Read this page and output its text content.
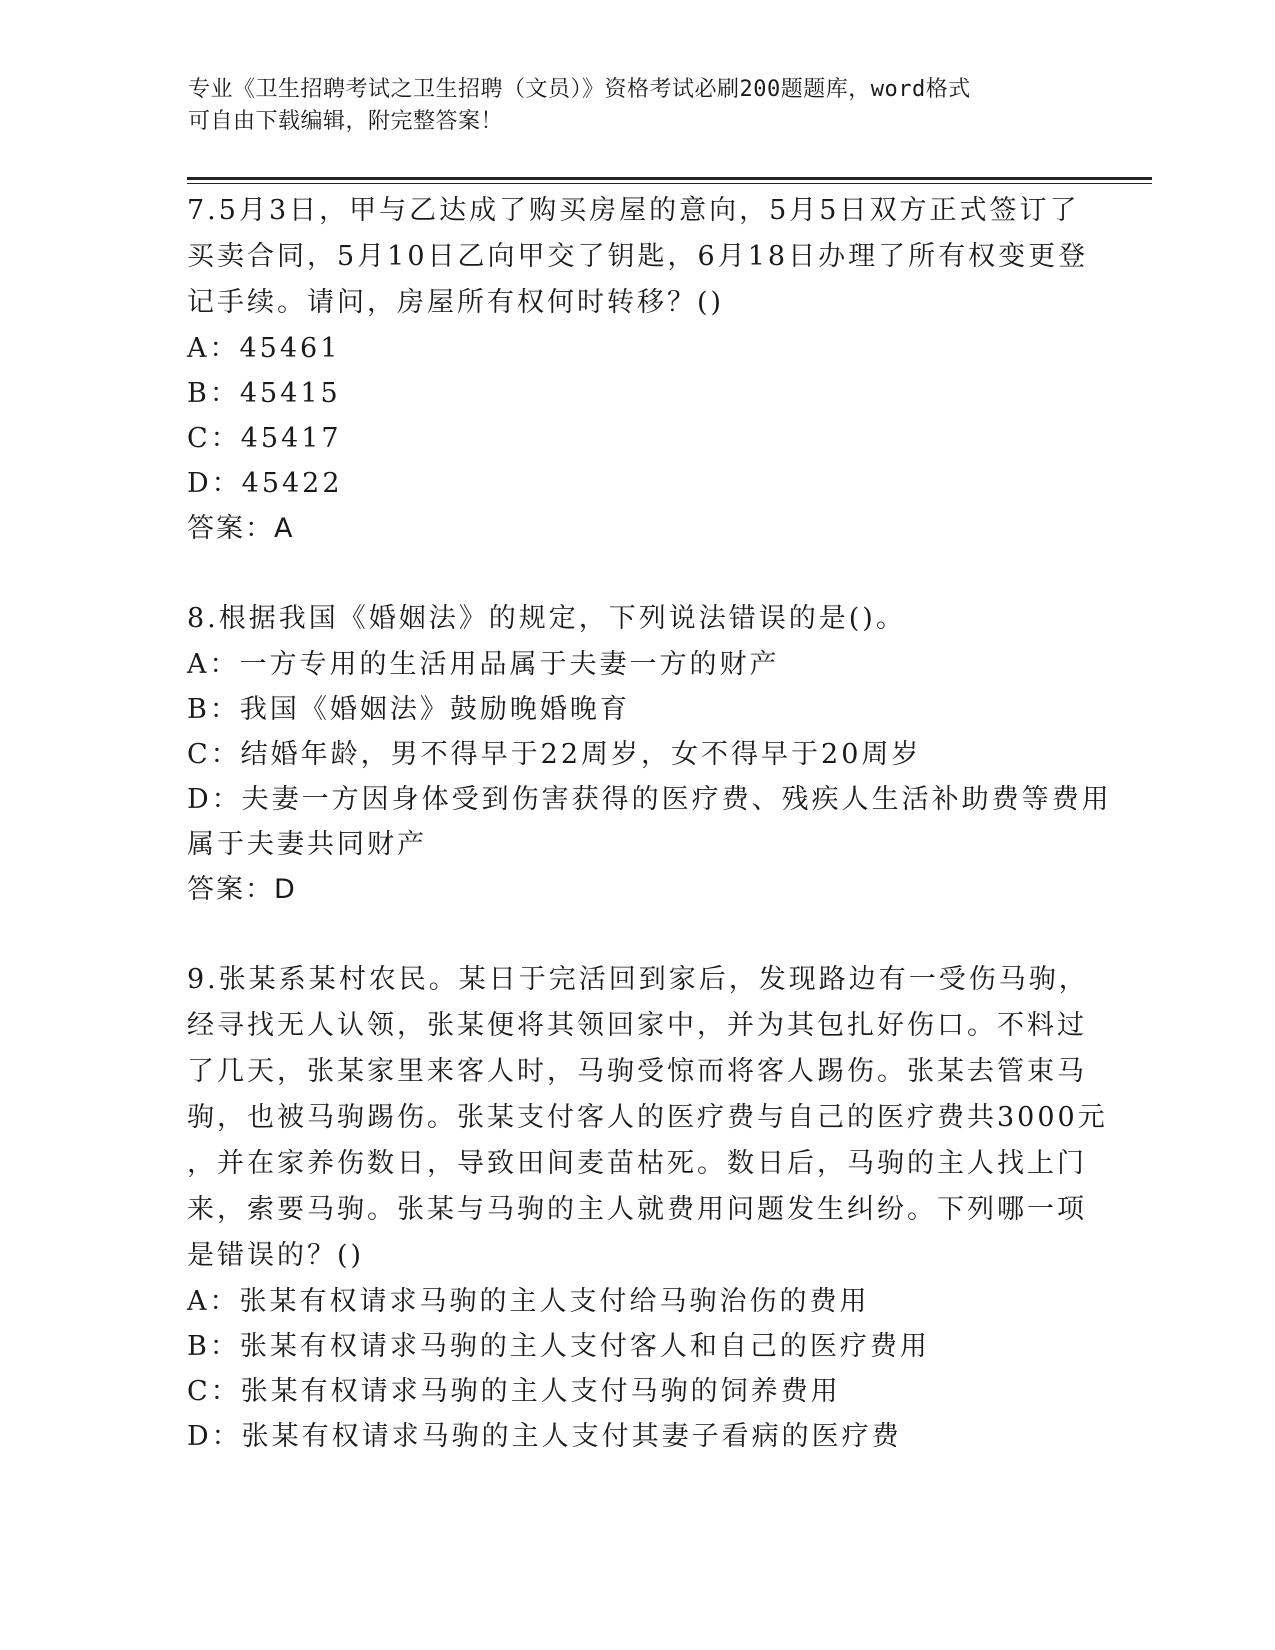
专业《卫生招聘考试之卫生招聘（文员）》资格考试必刷200题题库，word格式
可自由下载编辑，附完整答案！
7.5月3日，甲与乙达成了购买房屋的意向，5月5日双方正式签订了
买卖合同，5月10日乙向甲交了钥匙，6月18日办理了所有权变更登
记手续。请问，房屋所有权何时转移？()
A：45461
B：45415
C：45417
D：45422
答案：A
8.根据我国《婚姻法》的规定，下列说法错误的是()。
A：一方专用的生活用品属于夫妻一方的财产
B：我国《婚姻法》鼓励晚婚晚育
C：结婚年龄，男不得早于22周岁，女不得早于20周岁
D：夫妻一方因身体受到伤害获得的医疗费、残疾人生活补助费等费用
属于夫妻共同财产
答案：D
9.张某系某村农民。某日于完活回到家后，发现路边有一受伤马驹，
经寻找无人认领，张某便将其领回家中，并为其包扎好伤口。不料过
了几天，张某家里来客人时，马驹受惊而将客人踢伤。张某去管束马
驹，也被马驹踢伤。张某支付客人的医疗费与自己的医疗费共3000元
，并在家养伤数日，导致田间麦苗枯死。数日后，马驹的主人找上门
来，索要马驹。张某与马驹的主人就费用问题发生纠纷。下列哪一项
是错误的？()
A：张某有权请求马驹的主人支付给马驹治伤的费用
B：张某有权请求马驹的主人支付客人和自己的医疗费用
C：张某有权请求马驹的主人支付马驹的饲养费用
D：张某有权请求马驹的主人支付其妻子看病的医疗费
